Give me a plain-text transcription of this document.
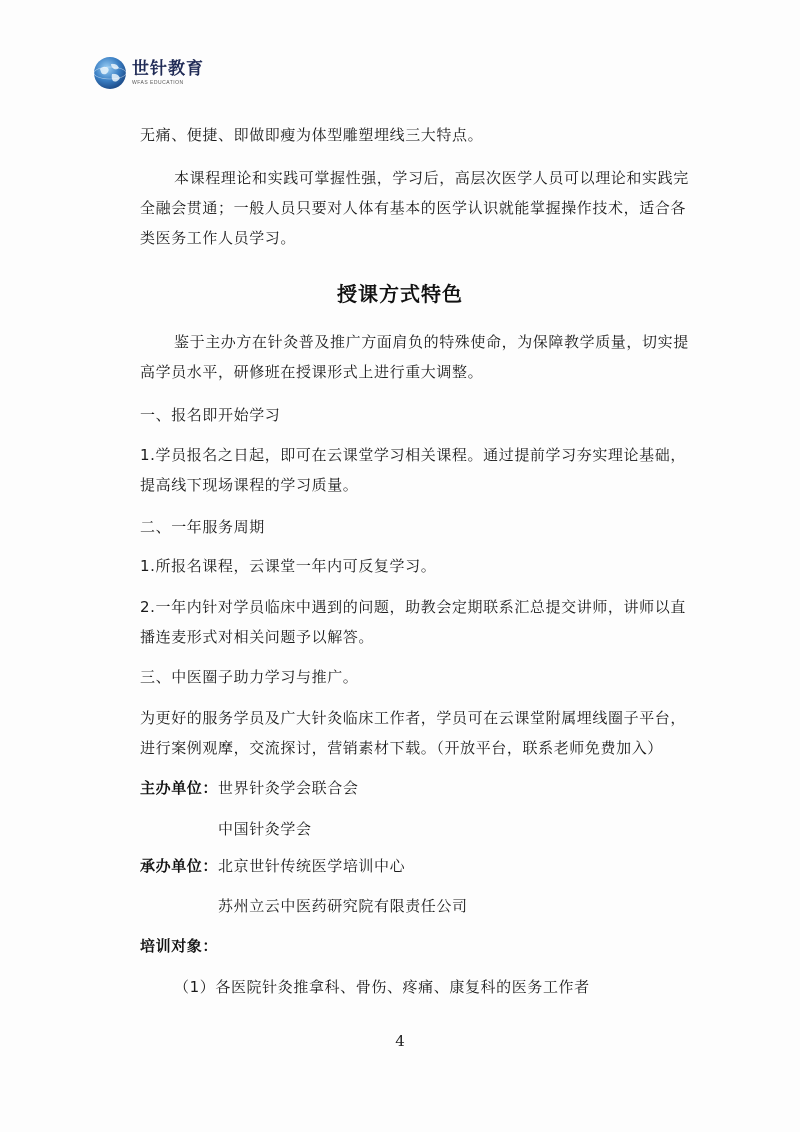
世针教育
WFAS EDUCATION
无痛、便捷、即做即瘦为体型雕塑埋线三大特点。
本课程理论和实践可掌握性强，学习后，高层次医学人员可以理论和实践完
全融会贯通；一般人员只要对人体有基本的医学认识就能掌握操作技术，适合各
类医务工作人员学习。
授课方式特色
鉴于主办方在针灸普及推广方面肩负的特殊使命，为保障教学质量，切实提
高学员水平，研修班在授课形式上进行重大调整。
一、报名即开始学习
1.学员报名之日起，即可在云课堂学习相关课程。通过提前学习夯实理论基础，
提高线下现场课程的学习质量。
二、一年服务周期
1.所报名课程，云课堂一年内可反复学习。
2.一年内针对学员临床中遇到的问题，助教会定期联系汇总提交讲师，讲师以直
播连麦形式对相关问题予以解答。
三、中医圈子助力学习与推广。
为更好的服务学员及广大针灸临床工作者，学员可在云课堂附属埋线圈子平台，
进行案例观摩，交流探讨，营销素材下载。（开放平台，联系老师免费加入）
主办单位：世界针灸学会联合会
中国针灸学会
承办单位：北京世针传统医学培训中心
苏州立云中医药研究院有限责任公司
培训对象：
（1）各医院针灸推拿科、骨伤、疼痛、康复科的医务工作者
4
